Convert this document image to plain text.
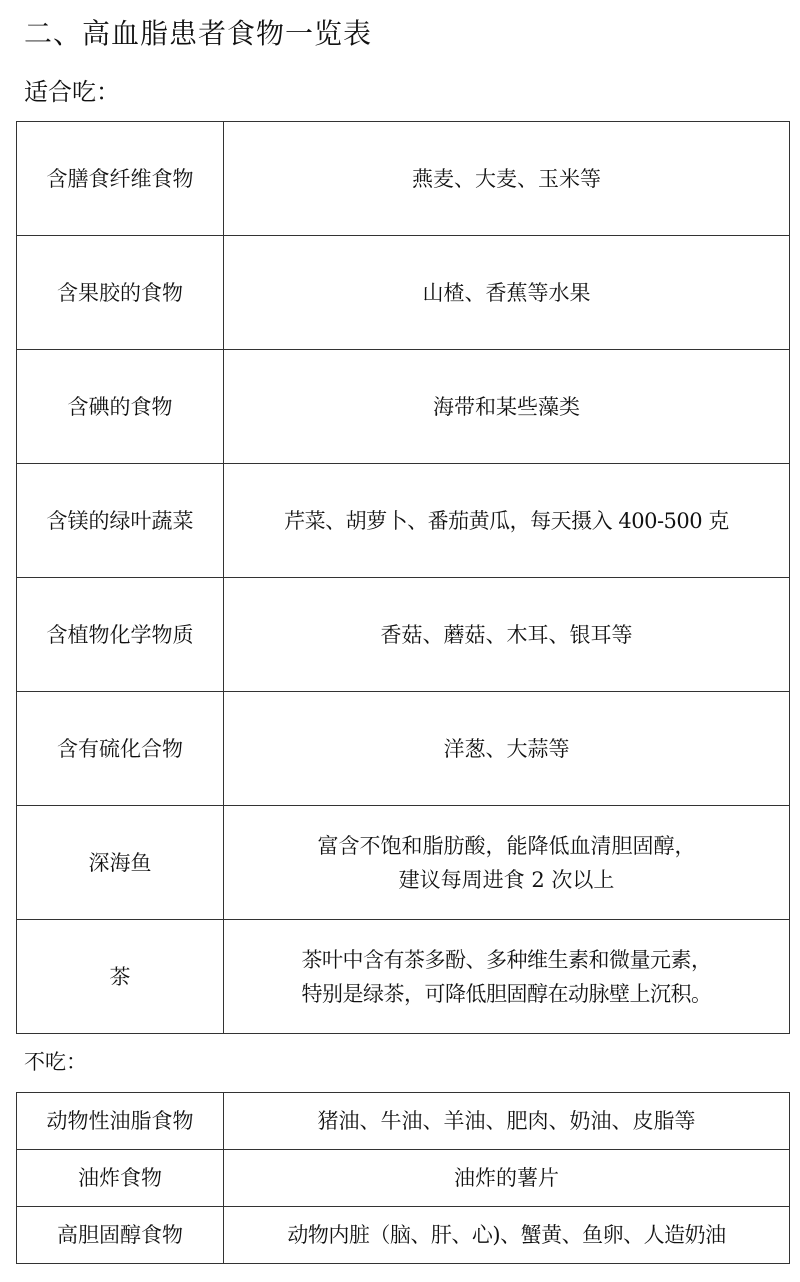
二、高血脂患者食物一览表
适合吃：
含膳食纤维食物	燕麦、大麦、玉米等

含果胶的食物	山楂、香蕉等水果

含碘的食物	海带和某些藻类

含镁的绿叶蔬菜	芹菜、胡萝卜、番茄黄瓜，每天摄入 400-500 克

含植物化学物质	香菇、蘑菇、木耳、银耳等

含有硫化合物	洋葱、大蒜等

深海鱼	富含不饱和脂肪酸，能降低血清胆固醇，
建议每周进食 2 次以上

茶	茶叶中含有茶多酚、多种维生素和微量元素，
特别是绿茶，可降低胆固醇在动脉壁上沉积。
不吃：
动物性油脂食物	猪油、牛油、羊油、肥肉、奶油、皮脂等

油炸食物	油炸的薯片

高胆固醇食物	动物内脏（脑、肝、心)、蟹黄、鱼卵、人造奶油
